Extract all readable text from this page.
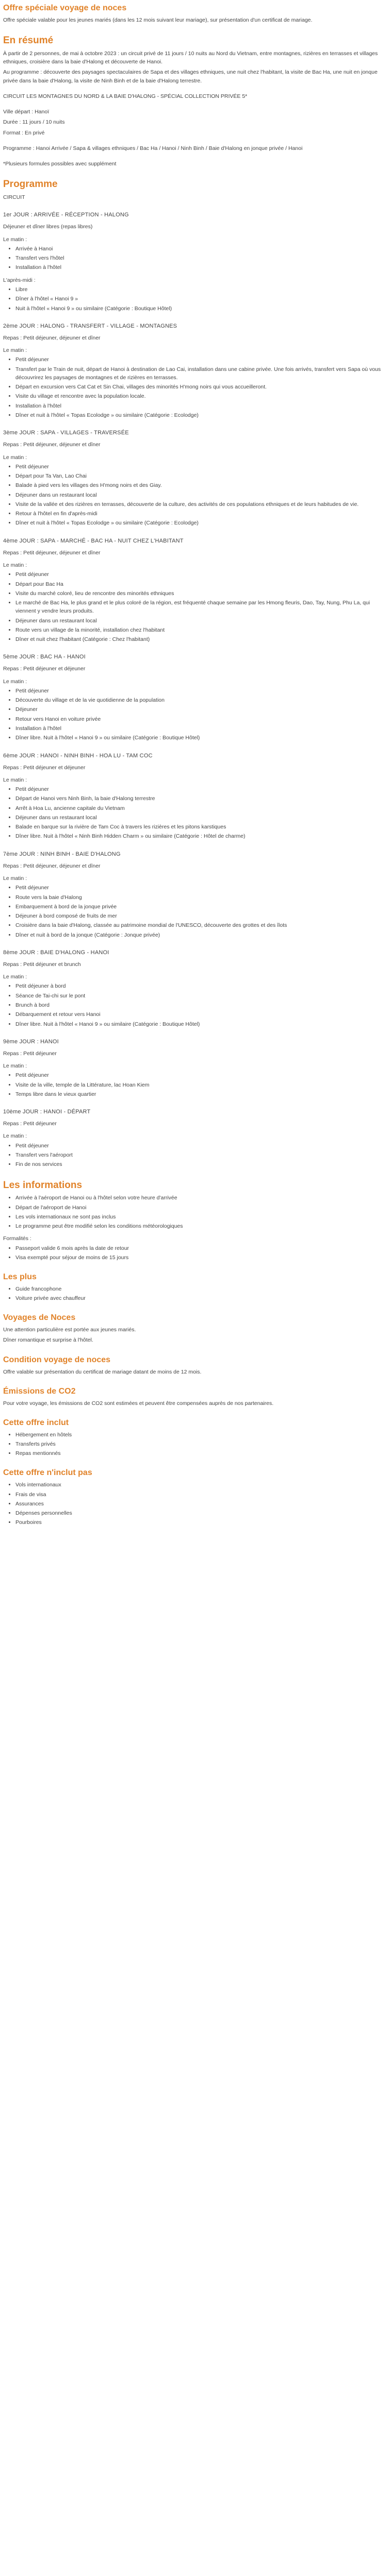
Offre spéciale voyage de noces

Offre spéciale valable pour les jeunes mariés (dans les 12 mois suivant leur mariage), sur présentation d'un certificat de mariage.

En résumé

À partir de 2 personnes, de mai à octobre 2023 : un circuit privé de 11 jours / 10 nuits au Nord du Vietnam, entre montagnes, rizières en terrasses et villages ethniques, croisière dans la baie d'Halong et découverte de Hanoi.

Au programme : découverte des paysages spectaculaires de Sapa et des villages ethniques, une nuit chez l'habitant, la visite de Bac Ha, une nuit en jonque privée dans la baie d'Halong, la visite de Ninh Binh et de la baie d'Halong terrestre.

CIRCUIT LES MONTAGNES DU NORD & LA BAIE D'HALONG - SPÉCIAL COLLECTION PRIVÉE 5*

Ville départ : Hanoï

Durée : 11 jours / 10 nuits

Format : En privé

Programme : Hanoi Arrivée / Sapa & villages ethniques / Bac Ha / Hanoi / Ninh Binh / Baie d'Halong en jonque privée / Hanoi

*Plusieurs formules possibles avec supplément

Programme

CIRCUIT

1er JOUR : ARRIVÉE - RÉCEPTION - HALONG

Déjeuner et dîner libres (repas libres)

Le matin :

• Arrivée à Hanoi
• Transfert vers l'hôtel
• Installation à l'hôtel

L'après-midi :

• Libre
• Dîner à l'hôtel « Hanoi 9 »
• Nuit à l'hôtel « Hanoi 9 » ou similaire (Catégorie : Boutique Hôtel)
2ème JOUR : HALONG - TRANSFERT - VILLAGE - MONTAGNES

Repas : Petit déjeuner, déjeuner et dîner

Le matin :

• Petit déjeuner
• Transfert par le Train de nuit, départ de Hanoi à destination de Lao Cai, installation dans une cabine privée. Une fois arrivés, transfert vers Sapa où vous découvrirez les paysages de montagnes et de rizières en terrasses.
• Départ en excursion vers Cat Cat et Sin Chai, villages des minorités H'mong noirs qui vous accueilleront.
• Visite du village et rencontre avec la population locale.
• Installation à l'hôtel
• Dîner et nuit à l'hôtel « Topas Ecolodge » ou similaire (Catégorie : Ecolodge)
3ème JOUR : SAPA - VILLAGES - TRAVERSÉE

Repas : Petit déjeuner, déjeuner et dîner

Le matin :

• Petit déjeuner
• Départ pour Ta Van, Lao Chai
• Balade à pied vers les villages des H'mong noirs et des Giay.
• Déjeuner dans un restaurant local
• Visite de la vallée et des rizières en terrasses, découverte de la culture, des activités de ces populations ethniques et de leurs habitudes de vie.
• Retour à l'hôtel en fin d'après-midi
• Dîner et nuit à l'hôtel « Topas Ecolodge » ou similaire (Catégorie : Ecolodge)
4ème JOUR : SAPA - MARCHÉ - BAC HA - NUIT CHEZ L'HABITANT

Repas : Petit déjeuner, déjeuner et dîner

Le matin :

• Petit déjeuner
• Départ pour Bac Ha
• Visite du marché coloré, lieu de rencontre des minorités ethniques
• Le marché de Bac Ha, le plus grand et le plus coloré de la région, est fréquenté chaque semaine par les Hmong fleuris, Dao, Tay, Nung, Phu La, qui viennent y vendre leurs produits.
• Déjeuner dans un restaurant local
• Route vers un village de la minorité, installation chez l'habitant
• Dîner et nuit chez l'habitant (Catégorie : Chez l'habitant)
5ème JOUR : BAC HA - HANOI

Repas : Petit déjeuner et déjeuner

Le matin :

• Petit déjeuner
• Découverte du village et de la vie quotidienne de la population
• Déjeuner
• Retour vers Hanoi en voiture privée
• Installation à l'hôtel
• Dîner libre. Nuit à l'hôtel « Hanoi 9 » ou similaire (Catégorie : Boutique Hôtel)
6ème JOUR : HANOI - NINH BINH - HOA LU - TAM COC

Repas : Petit déjeuner et déjeuner

Le matin :

• Petit déjeuner
• Départ de Hanoi vers Ninh Binh, la baie d'Halong terrestre
• Arrêt à Hoa Lu, ancienne capitale du Vietnam
• Déjeuner dans un restaurant local
• Balade en barque sur la rivière de Tam Coc à travers les rizières et les pitons karstiques
• Dîner libre. Nuit à l'hôtel « Ninh Binh Hidden Charm » ou similaire (Catégorie : Hôtel de charme)
7ème JOUR : NINH BINH - BAIE D'HALONG

Repas : Petit déjeuner, déjeuner et dîner

Le matin :

• Petit déjeuner
• Route vers la baie d'Halong
• Embarquement à bord de la jonque privée
• Déjeuner à bord composé de fruits de mer
• Croisière dans la baie d'Halong, classée au patrimoine mondial de l'UNESCO, découverte des grottes et des îlots
• Dîner et nuit à bord de la jonque (Catégorie : Jonque privée)
8ème JOUR : BAIE D'HALONG - HANOI

Repas : Petit déjeuner et brunch

Le matin :

• Petit déjeuner à bord
• Séance de Tai-chi sur le pont
• Brunch à bord
• Débarquement et retour vers Hanoi
• Dîner libre. Nuit à l'hôtel « Hanoi 9 » ou similaire (Catégorie : Boutique Hôtel)
9ème JOUR : HANOI

Repas : Petit déjeuner

Le matin :

• Petit déjeuner
• Visite de la ville, temple de la Littérature, lac Hoan Kiem
• Temps libre dans le vieux quartier
10ème JOUR : HANOI - DÉPART

Repas : Petit déjeuner

Le matin :

• Petit déjeuner
• Transfert vers l'aéroport
• Fin de nos services
Les informations
• Arrivée à l'aéroport de Hanoi ou à l'hôtel selon votre heure d'arrivée
• Départ de l'aéroport de Hanoi
• Les vols internationaux ne sont pas inclus
• Le programme peut être modifié selon les conditions météorologiques

Formalités :

• Passeport valide 6 mois après la date de retour
• Visa exempté pour séjour de moins de 15 jours
Les plus
• Guide francophone
• Voiture privée avec chauffeur
Voyages de Noces

Une attention particulière est portée aux jeunes mariés.

Dîner romantique et surprise à l'hôtel.

Condition voyage de noces

Offre valable sur présentation du certificat de mariage datant de moins de 12 mois.

Émissions de CO2

Pour votre voyage, les émissions de CO2 sont estimées et peuvent être compensées auprès de nos partenaires.

Cette offre inclut
• Hébergement en hôtels
• Transferts privés
• Repas mentionnés
Cette offre n'inclut pas
• Vols internationaux
• Frais de visa
• Assurances
• Dépenses personnelles
• Pourboires
